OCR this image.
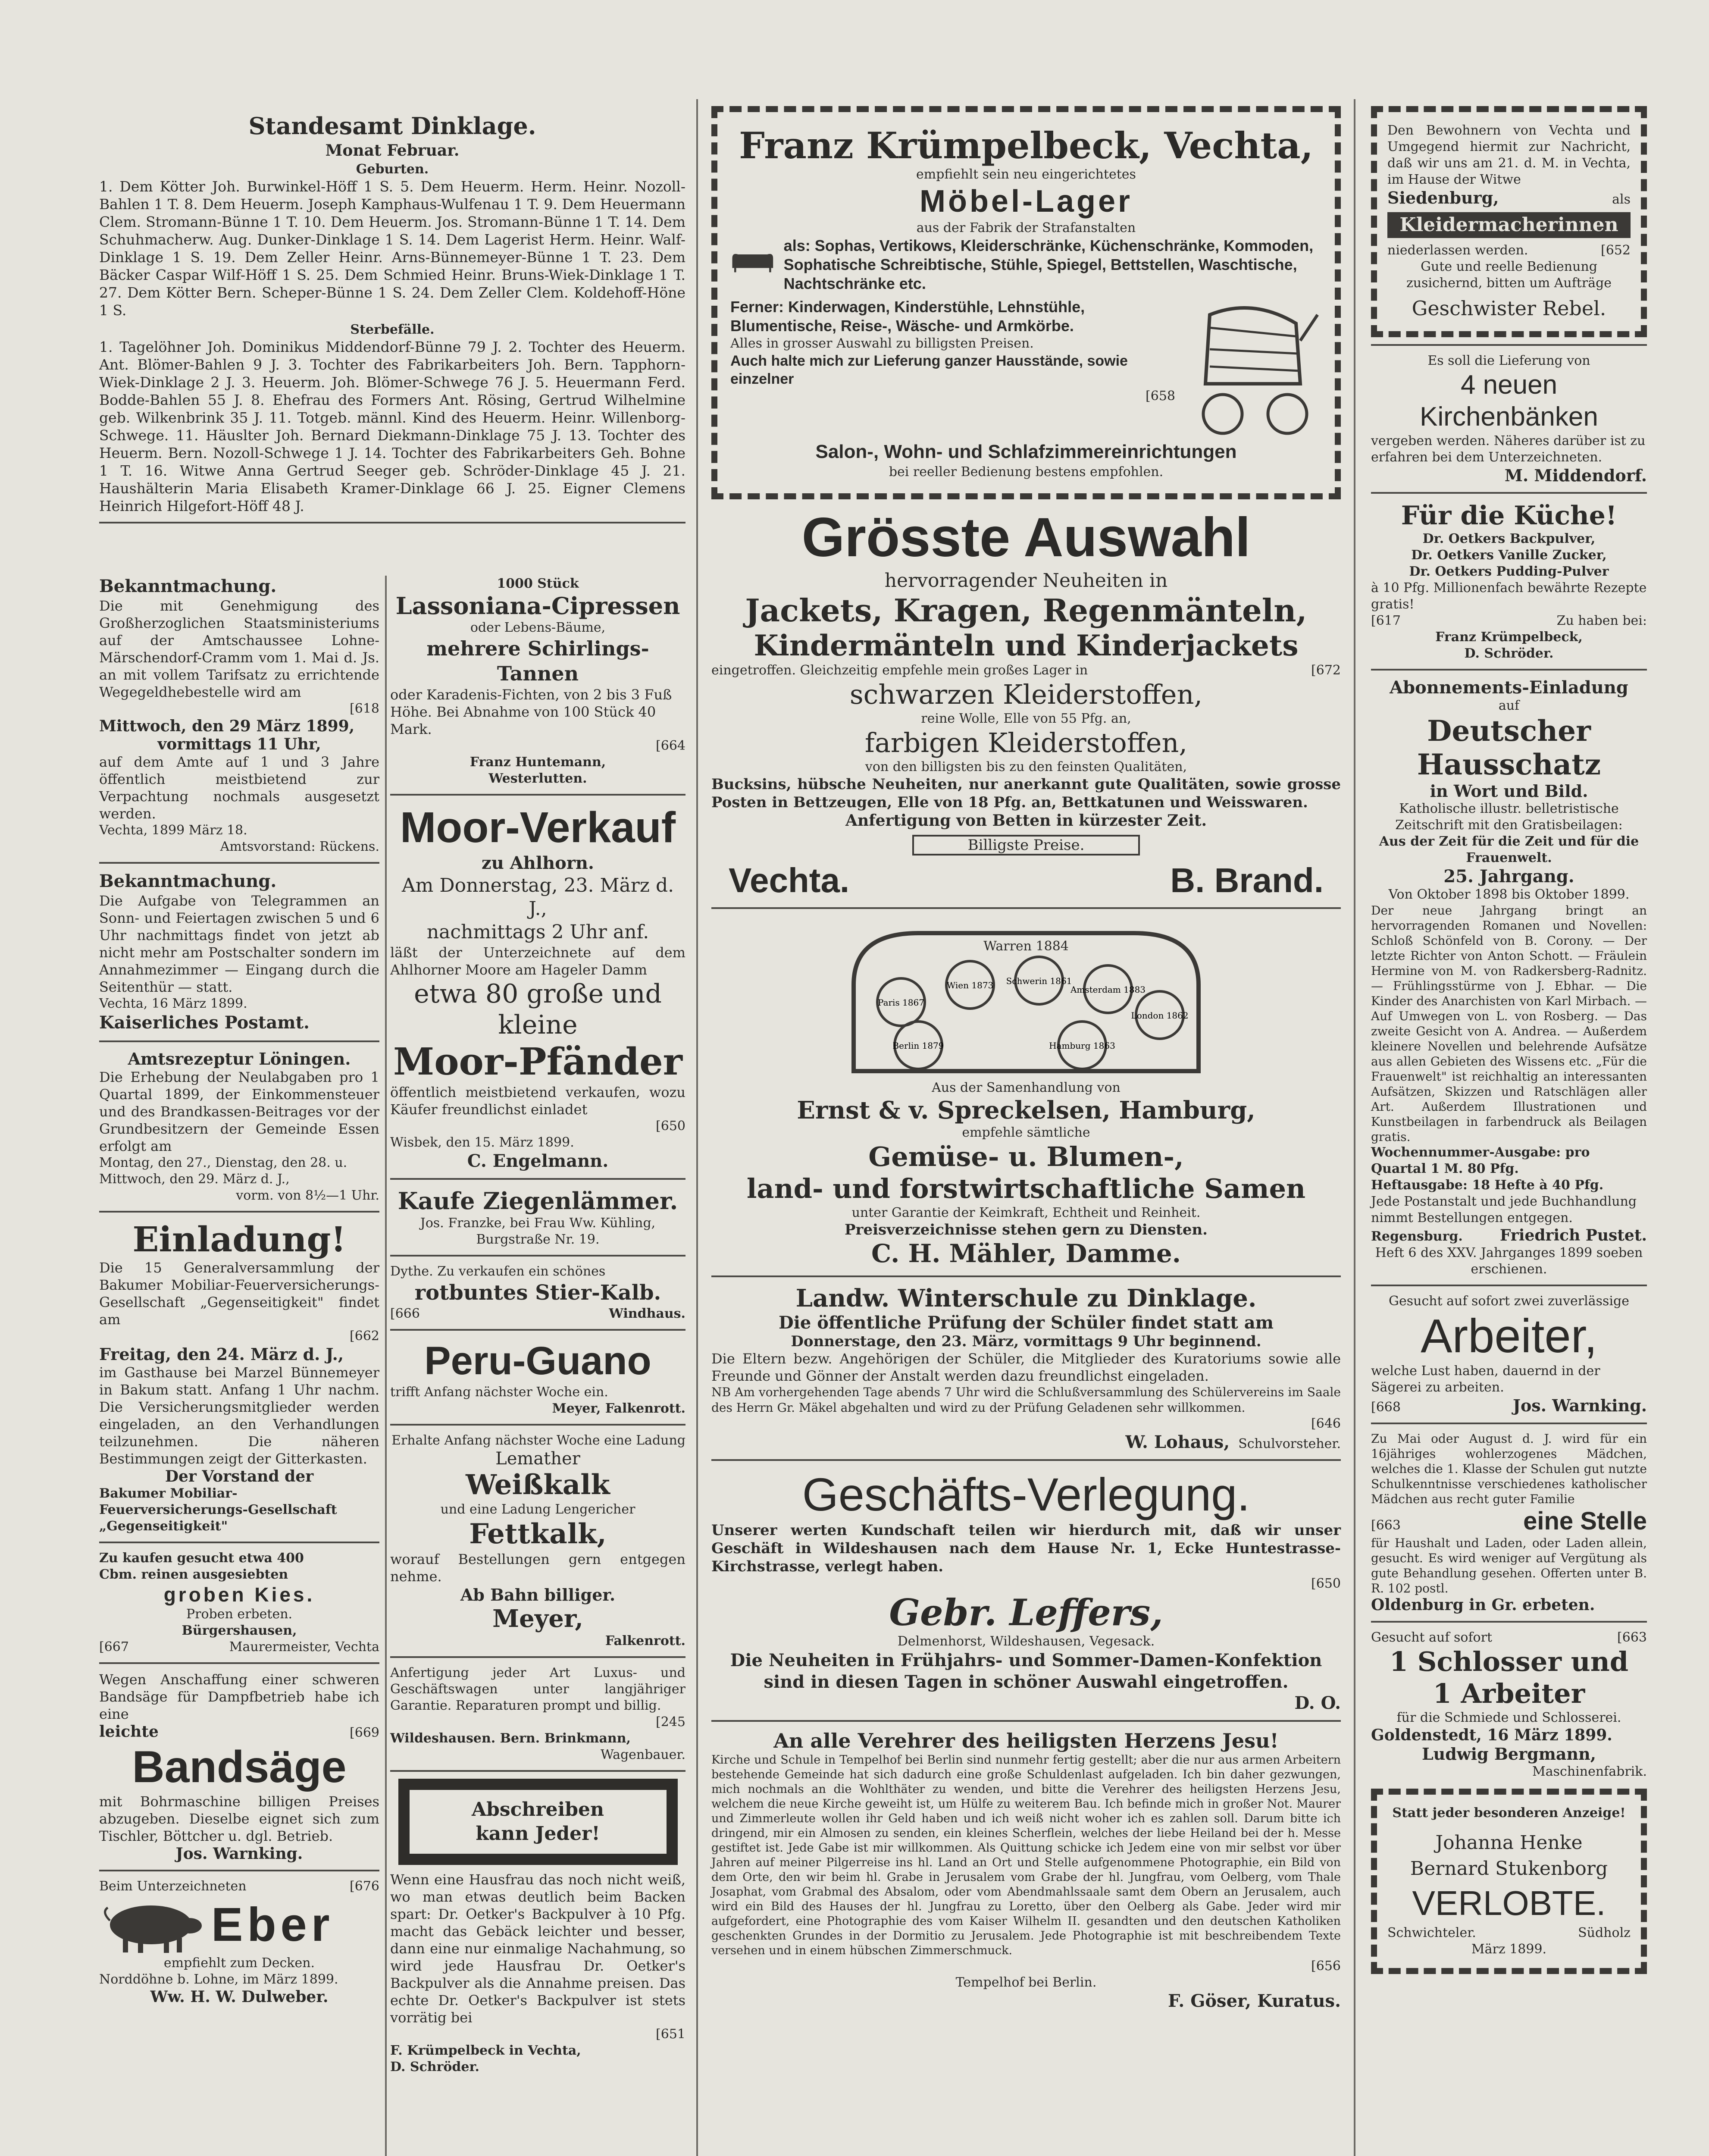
Standesamt Dinklage.
Monat Februar.
Geburten.
1. Dem Kötter Joh. Burwinkel-Höff 1 S. 5. Dem Heuerm. Herm. Heinr. Nozoll-Bahlen 1 T. 8. Dem Heuerm. Joseph Kamphaus-Wulfenau 1 T. 9. Dem Heuermann Clem. Stromann-Bünne 1 T. 10. Dem Heuerm. Jos. Stromann-Bünne 1 T. 14. Dem Schuhmacherw. Aug. Dunker-Dinklage 1 S. 14. Dem Lagerist Herm. Heinr. Walf-Dinklage 1 S. 19. Dem Zeller Heinr. Arns-Bünnemeyer-Bünne 1 T. 23. Dem Bäcker Caspar Wilf-Höff 1 S. 25. Dem Schmied Heinr. Bruns-Wiek-Dinklage 1 T. 27. Dem Kötter Bern. Scheper-Bünne 1 S. 24. Dem Zeller Clem. Koldehoff-Höne 1 S.
Sterbefälle.
1. Tagelöhner Joh. Dominikus Middendorf-Bünne 79 J. 2. Tochter des Heuerm. Ant. Blömer-Bahlen 9 J. 3. Tochter des Fabrikarbeiters Joh. Bern. Tapphorn-Wiek-Dinklage 2 J. 3. Heuerm. Joh. Blömer-Schwege 76 J. 5. Heuermann Ferd. Bodde-Bahlen 55 J. 8. Ehefrau des Formers Ant. Rösing, Gertrud Wilhelmine geb. Wilkenbrink 35 J. 11. Totgeb. männl. Kind des Heuerm. Heinr. Willenborg-Schwege. 11. Häuslter Joh. Bernard Diekmann-Dinklage 75 J. 13. Tochter des Heuerm. Bern. Nozoll-Schwege 1 J. 14. Tochter des Fabrikarbeiters Geh. Bohne 1 T. 16. Witwe Anna Gertrud Seeger geb. Schröder-Dinklage 45 J. 21. Haushälterin Maria Elisabeth Kramer-Dinklage 66 J. 25. Eigner Clemens Heinrich Hilgefort-Höff 48 J.
Bekanntmachung.
Die mit Genehmigung des Großherzoglichen Staatsministeriums auf der Amtschaussee Lohne-Märschendorf-Cramm vom 1. Mai d. Js. an mit vollem Tarifsatz zu errichtende Wegegeldhebestelle wird am
[618
Mittwoch, den 29 März 1899,
vormittags 11 Uhr,
auf dem Amte auf 1 und 3 Jahre öffentlich meistbietend zur Verpachtung nochmals ausgesetzt werden.
Vechta, 1899 März 18.
Amtsvorstand: Rückens.
Bekanntmachung.
Die Aufgabe von Telegrammen an Sonn- und Feiertagen zwischen 5 und 6 Uhr nachmittags findet von jetzt ab nicht mehr am Postschalter sondern im Annahmezimmer — Eingang durch die Seitenthür — statt.
Vechta, 16 März 1899.
Kaiserliches Postamt.
Amtsrezeptur Löningen.
Die Erhebung der Neulabgaben pro 1 Quartal 1899, der Einkommensteuer und des Brandkassen-Beitrages vor der Grundbesitzern der Gemeinde Essen erfolgt am
Montag, den 27., Dienstag, den 28. u.
Mittwoch, den 29. März d. J.,
vorm. von 8½—1 Uhr.
Einladung!
Die 15 Generalversammlung der Bakumer Mobiliar-Feuerversicherungs-Gesellschaft „Gegenseitigkeit" findet am
[662
Freitag, den 24. März d. J.,
im Gasthause bei Marzel Bünnemeyer in Bakum statt. Anfang 1 Uhr nachm. Die Versicherungsmitglieder werden eingeladen, an den Verhandlungen teilzunehmen. Die näheren Bestimmungen zeigt der Gitterkasten.
Der Vorstand der
Bakumer Mobiliar-Feuerversicherungs-Gesellschaft „Gegenseitigkeit"
Zu kaufen gesucht etwa 400
Cbm. reinen ausgesiebten
groben Kies.
Proben erbeten.
Bürgershausen,
[667	Maurermeister, Vechta
Wegen Anschaffung einer schweren Bandsäge für Dampfbetrieb habe ich eine
leichte	[669
Bandsäge
mit Bohrmaschine billigen Preises abzugeben. Dieselbe eignet sich zum Tischler, Böttcher u. dgl. Betrieb.
Jos. Warnking.
Beim Unterzeichneten	[676
Eber
empfiehlt zum Decken.
Norddöhne b. Lohne, im März 1899.
Ww. H. W. Dulweber.
1000 Stück
Lassoniana-Cipressen
oder Lebens-Bäume,
mehrere Schirlings-Tannen
oder Karadenis-Fichten, von 2 bis 3 Fuß Höhe. Bei Abnahme von 100 Stück 40 Mark.
[664
Franz Huntemann,
Westerlutten.
Moor-Verkauf
zu Ahlhorn.
Am Donnerstag, 23. März d. J.,
nachmittags 2 Uhr anf.
läßt der Unterzeichnete auf dem Ahlhorner Moore am Hageler Damm
etwa 80 große und kleine
Moor-Pfänder
öffentlich meistbietend verkaufen, wozu Käufer freundlichst einladet
[650
Wisbek, den 15. März 1899.
C. Engelmann.
Kaufe Ziegenlämmer.
Jos. Franzke, bei Frau Ww. Kühling,
Burgstraße Nr. 19.
Dythe. Zu verkaufen ein schönes
rotbuntes Stier-Kalb.
[666	Windhaus.
Peru-Guano
trifft Anfang nächster Woche ein.
Meyer, Falkenrott.
Erhalte Anfang nächster Woche eine Ladung
Lemather
Weißkalk
und eine Ladung Lengericher
Fettkalk,
worauf Bestellungen gern entgegen nehme.
Ab Bahn billiger.
Meyer,
Falkenrott.
Anfertigung jeder Art Luxus- und Geschäftswagen unter langjähriger Garantie. Reparaturen prompt und billig.
[245
Wildeshausen. Bern. Brinkmann,
Wagenbauer.
Abschreiben
kann Jeder!
Wenn eine Hausfrau das noch nicht weiß, wo man etwas deutlich beim Backen spart: Dr. Oetker's Backpulver à 10 Pfg. macht das Gebäck leichter und besser, dann eine nur einmalige Nachahmung, so wird jede Hausfrau Dr. Oetker's Backpulver als die Annahme preisen. Das echte Dr. Oetker's Backpulver ist stets vorrätig bei
[651
F. Krümpelbeck in Vechta,
D. Schröder.
Franz Krümpelbeck, Vechta,
empfiehlt sein neu eingerichtetes
Möbel-Lager
aus der Fabrik der Strafanstalten
als: Sophas, Vertikows, Kleiderschränke, Küchenschränke, Kommoden, Sophatische Schreibtische, Stühle, Spiegel, Bettstellen, Waschtische, Nachtschränke etc.
Ferner: Kinderwagen, Kinderstühle, Lehnstühle, Blumentische, Reise-, Wäsche- und Armkörbe.
Alles in grosser Auswahl zu billigsten Preisen.
Auch halte mich zur Lieferung ganzer Hausstände, sowie einzelner
[658
Salon-, Wohn- und Schlafzimmereinrichtungen
bei reeller Bedienung bestens empfohlen.
Grösste Auswahl
hervorragender Neuheiten in
Jackets, Kragen, Regenmänteln,
Kindermänteln und Kinderjackets
eingetroffen. Gleichzeitig empfehle mein großes Lager in	[672
schwarzen Kleiderstoffen,
reine Wolle, Elle von 55 Pfg. an,
farbigen Kleiderstoffen,
von den billigsten bis zu den feinsten Qualitäten,
Bucksins, hübsche Neuheiten, nur anerkannt gute Qualitäten, sowie grosse Posten in Bettzeugen, Elle von 18 Pfg. an, Bettkatunen und Weisswaren.
Anfertigung von Betten in kürzester Zeit.
Billigste Preise.
Vechta.	B. Brand.
Warren 1884
Paris 1867
Wien 1873 Schwerin 1861
Amsterdam 1883
London 1862
Berlin 1879	Hamburg 1863
Aus der Samenhandlung von
Ernst & v. Spreckelsen, Hamburg,
empfehle sämtliche
Gemüse- u. Blumen-,
land- und forstwirtschaftliche Samen
unter Garantie der Keimkraft, Echtheit und Reinheit.
Preisverzeichnisse stehen gern zu Diensten.
C. H. Mähler, Damme.
Landw. Winterschule zu Dinklage.
Die öffentliche Prüfung der Schüler findet statt am
Donnerstage, den 23. März, vormittags 9 Uhr beginnend.
Die Eltern bezw. Angehörigen der Schüler, die Mitglieder des Kuratoriums sowie alle Freunde und Gönner der Anstalt werden dazu freundlichst eingeladen.
NB Am vorhergehenden Tage abends 7 Uhr wird die Schlußversammlung des Schülervereins im Saale des Herrn Gr. Mäkel abgehalten und wird zu der Prüfung Geladenen sehr willkommen.
[646
W. Lohaus, Schulvorsteher.
Geschäfts-Verlegung.
Unserer werten Kundschaft teilen wir hierdurch mit, daß wir unser Geschäft in Wildeshausen nach dem Hause Nr. 1, Ecke Huntestrasse-Kirchstrasse, verlegt haben.
[650
Gebr. Leffers,
Delmenhorst, Wildeshausen, Vegesack.
Die Neuheiten in Frühjahrs- und Sommer-Damen-Konfektion sind in diesen Tagen in schöner Auswahl eingetroffen.
D. O.
An alle Verehrer des heiligsten Herzens Jesu!
Kirche und Schule in Tempelhof bei Berlin sind nunmehr fertig gestellt; aber die nur aus armen Arbeitern bestehende Gemeinde hat sich dadurch eine große Schuldenlast aufgeladen. Ich bin daher gezwungen, mich nochmals an die Wohlthäter zu wenden, und bitte die Verehrer des heiligsten Herzens Jesu, welchem die neue Kirche geweiht ist, um Hülfe zu weiterem Bau. Ich befinde mich in großer Not. Maurer und Zimmerleute wollen ihr Geld haben und ich weiß nicht woher ich es zahlen soll. Darum bitte ich dringend, mir ein Almosen zu senden, ein kleines Scherflein, welches der liebe Heiland bei der h. Messe gestiftet ist. Jede Gabe ist mir willkommen. Als Quittung schicke ich Jedem eine von mir selbst vor über Jahren auf meiner Pilgerreise ins hl. Land an Ort und Stelle aufgenommene Photographie, ein Bild von dem Orte, den wir beim hl. Grabe in Jerusalem vom Grabe der hl. Jungfrau, vom Oelberg, vom Thale Josaphat, vom Grabmal des Absalom, oder vom Abendmahlssaale samt dem Obern an Jerusalem, auch wird ein Bild des Hauses der hl. Jungfrau zu Loretto, über den Oelberg als Gabe. Jeder wird mir aufgefordert, eine Photographie des vom Kaiser Wilhelm II. gesandten und den deutschen Katholiken geschenkten Grundes in der Dormitio zu Jerusalem. Jede Photographie ist mit beschreibendem Texte versehen und in einem hübschen Zimmerschmuck.
[656
Tempelhof bei Berlin.
F. Göser, Kuratus.
Den Bewohnern von Vechta und Umgegend hiermit zur Nachricht, daß wir uns am 21. d. M. in Vechta, im Hause der Witwe
Siedenburg,	als
Kleidermacherinnen
niederlassen werden.	[652
Gute und reelle Bedienung zusichernd, bitten um Aufträge
Geschwister Rebel.
Es soll die Lieferung von
4 neuen Kirchenbänken
vergeben werden. Näheres darüber ist zu erfahren bei dem Unterzeichneten.
M. Middendorf.
Für die Küche!
Dr. Oetkers Backpulver,
Dr. Oetkers Vanille Zucker,
Dr. Oetkers Pudding-Pulver
à 10 Pfg. Millionenfach bewährte Rezepte gratis!
[617	Zu haben bei:
Franz Krümpelbeck,
D. Schröder.
Abonnements-Einladung
auf
Deutscher Hausschatz
in Wort und Bild.
Katholische illustr. belletristische Zeitschrift mit den Gratisbeilagen:
Aus der Zeit für die Zeit und für die Frauenwelt.
25. Jahrgang.
Von Oktober 1898 bis Oktober 1899.
Der neue Jahrgang bringt an hervorragenden Romanen und Novellen: Schloß Schönfeld von B. Corony. — Der letzte Richter von Anton Schott. — Fräulein Hermine von M. von Radkersberg-Radnitz. — Frühlingsstürme von J. Ebhar. — Die Kinder des Anarchisten von Karl Mirbach. — Auf Umwegen von L. von Rosberg. — Das zweite Gesicht von A. Andrea. — Außerdem kleinere Novellen und belehrende Aufsätze aus allen Gebieten des Wissens etc. „Für die Frauenwelt" ist reichhaltig an interessanten Aufsätzen, Skizzen und Ratschlägen aller Art. Außerdem Illustrationen und Kunstbeilagen in farbendruck als Beilagen gratis.
Wochennummer-Ausgabe: pro Quartal 1 M. 80 Pfg.
Heftausgabe: 18 Hefte à 40 Pfg.
Jede Postanstalt und jede Buchhandlung nimmt Bestellungen entgegen.
Regensburg. Friedrich Pustet.
Heft 6 des XXV. Jahrganges 1899 soeben erschienen.
Gesucht auf sofort zwei zuverlässige
Arbeiter,
welche Lust haben, dauernd in der Sägerei zu arbeiten.
[668	Jos. Warnking.
Zu Mai oder August d. J. wird für ein 16jähriges wohlerzogenes Mädchen, welches die 1. Klasse der Schulen gut nutzte Schulkenntnisse verschiedenes katholischer Mädchen aus recht guter Familie
[663	eine Stelle
für Haushalt und Laden, oder Laden allein, gesucht. Es wird weniger auf Vergütung als gute Behandlung gesehen. Offerten unter B. R. 102 postl.
Oldenburg in Gr. erbeten.
Gesucht auf sofort	[663
1 Schlosser und
1 Arbeiter
für die Schmiede und Schlosserei.
Goldenstedt, 16 März 1899.
Ludwig Bergmann,
Maschinenfabrik.
Statt jeder besonderen Anzeige!
Johanna Henke
Bernard Stukenborg
VERLOBTE.
Schwichteler.	Südholz
März 1899.
